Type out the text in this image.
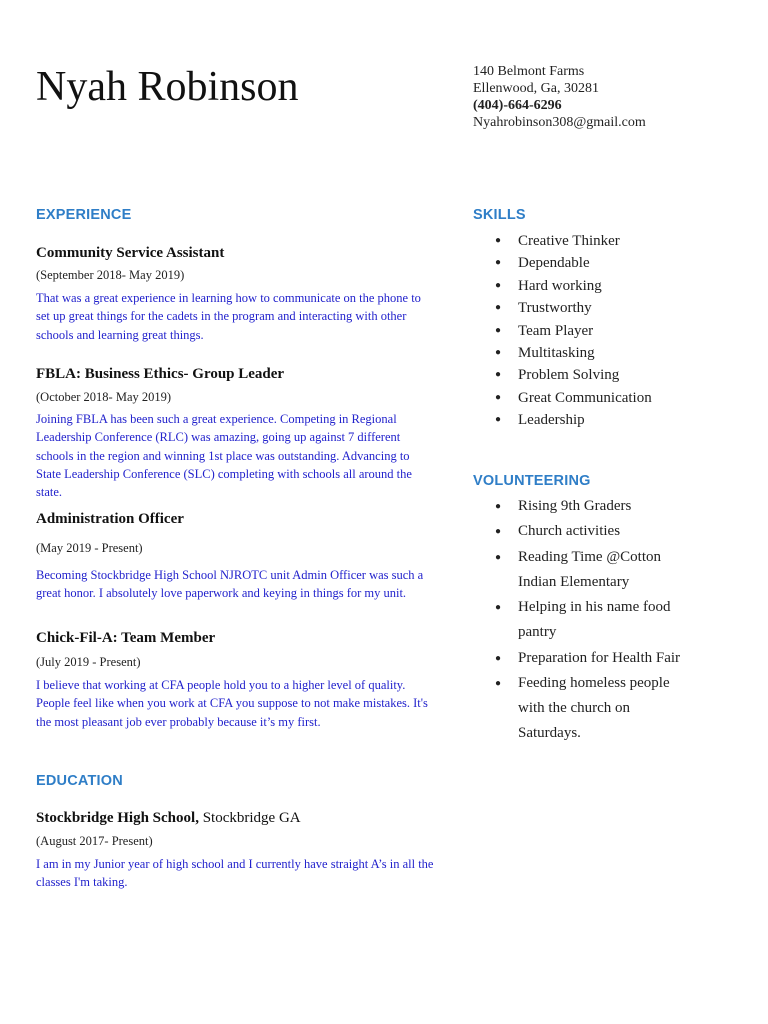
Nyah Robinson	140 Belmont Farms
Ellenwood, Ga, 30281
(404)-664-6296
Nyahrobinson308@gmail.com
EXPERIENCE
Community Service Assistant
(September 2018- May 2019)
That was a great experience in learning how to communicate on the phone to set up great things for the cadets in the program and interacting with other schools and learning great things.
FBLA: Business Ethics- Group Leader
(October 2018- May 2019)
Joining FBLA has been such a great experience. Competing in Regional Leadership Conference (RLC) was amazing, going up against 7 different schools in the region and winning 1st place was outstanding. Advancing to State Leadership Conference (SLC) completing with schools all around the state.
Administration Officer
(May 2019 - Present)
Becoming Stockbridge High School NJROTC unit Admin Officer was such a great honor. I absolutely love paperwork and keying in things for my unit.
Chick-Fil-A: Team Member
(July 2019 - Present)
I believe that working at CFA people hold you to a higher level of quality. People feel like when you work at CFA you suppose to not make mistakes. It's the most pleasant job ever probably because it’s my first.
EDUCATION
Stockbridge High School, Stockbridge GA
(August 2017- Present)
I am in my Junior year of high school and I currently have straight A’s in all the classes I'm taking.
SKILLS
● Creative Thinker
● Dependable
● Hard working
● Trustworthy
● Team Player
● Multitasking
● Problem Solving
● Great Communication
● Leadership
VOLUNTEERING
● Rising 9th Graders
● Church activities
● Reading Time @Cotton Indian Elementary
● Helping in his name food pantry
● Preparation for Health Fair
● Feeding homeless people with the church on Saturdays.
